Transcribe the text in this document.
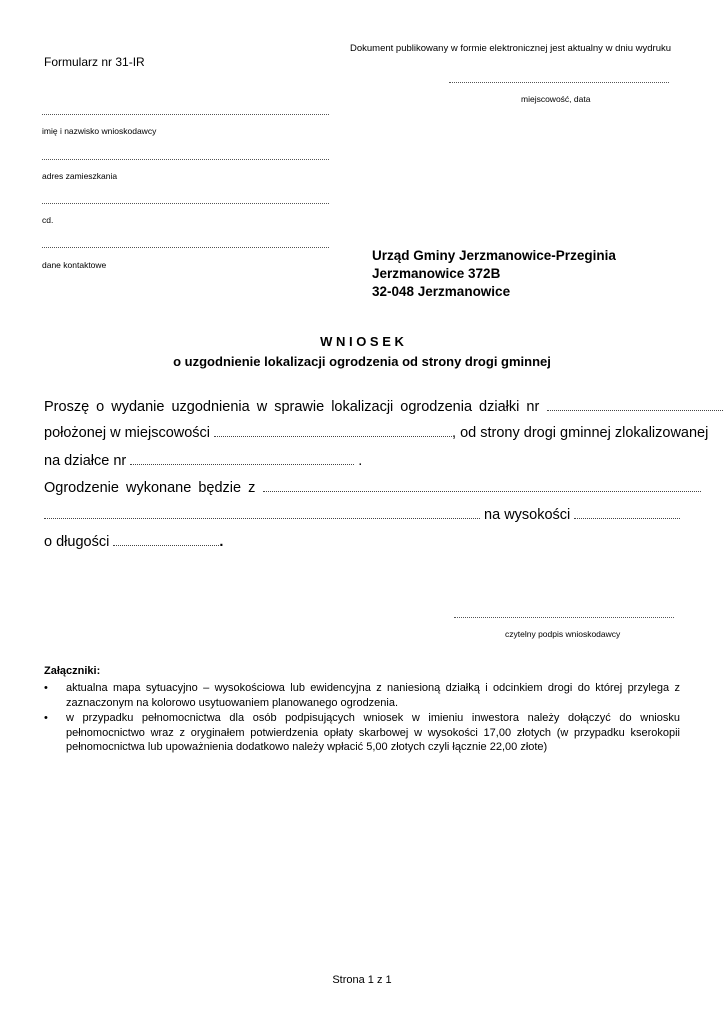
Dokument publikowany w formie elektronicznej jest aktualny w dniu wydruku
Formularz nr 31-IR
miejscowość, data
imię i nazwisko wnioskodawcy
adres zamieszkania
cd.
dane kontaktowe
Urząd Gminy Jerzmanowice-Przeginia
Jerzmanowice 372B
32-048 Jerzmanowice
W N I O S E K
o uzgodnienie lokalizacji ogrodzenia od strony drogi gminnej
Proszę o wydanie uzgodnienia w sprawie lokalizacji ogrodzenia działki nr
położonej w miejscowości	, od strony drogi gminnej zlokalizowanej
na działce nr	.
Ogrodzenie wykonane będzie z
na wysokości
o długości	.
czytelny podpis wnioskodawcy
Załączniki:
• aktualna mapa sytuacyjno – wysokościowa lub ewidencyjna z naniesioną działką i odcinkiem drogi do której przylega z zaznaczonym na kolorowo usytuowaniem planowanego ogrodzenia.
• w przypadku pełnomocnictwa dla osób podpisujących wniosek w imieniu inwestora należy dołączyć do wniosku pełnomocnictwo wraz z oryginałem potwierdzenia opłaty skarbowej w wysokości 17,00 złotych (w przypadku kserokopii pełnomocnictwa lub upoważnienia dodatkowo należy wpłacić 5,00 złotych czyli łącznie 22,00 złote)
Strona 1 z 1
